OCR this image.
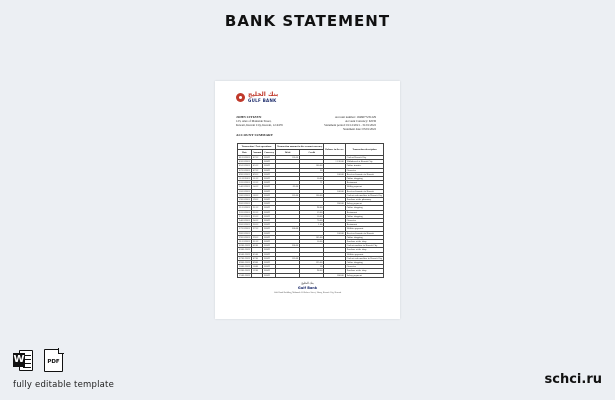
BANK STATEMENT
بنك الخليج
GULF BANK
JOHN CITIZEN
123, Alex of Mainside Street,
Kuwait, Kuwait City, Kuwait, 12-9476
Account number: 1946677231229
Account Currency: KWD
Statement period: 01/12/2021 - 31/01/2022
Statement date: 03/01/2022
ACCOUNT SUMMARY
Transaction / Post operations			Transaction amount in the account currency		Balance in the acc	Transaction description
Date	Amount	Currency	Debit	Credit		
01/12/2021	07/12	KWD	116.00			Cash at Kuwait City
03/12/2021		KWD			1 120.00	Withdrawal at Kuwait City
05/12/2021	05/12	KWD		100.00		Online transfer
07/12/2021	07/12	KWD		20		Groceries
09/12/2021	09/12	KWD			100.00	Received transfer in Kuwait
11/12/2021	11/12	KWD		10.00		Online shopping
12/12/2021	12/12	KWD		71		Restaurant
14/12/2021	14/12	KWD	65.00			Utility payment
16/12/2021		KWD			100.00	Received transfer in Kuwait
18/12/2021	18/12	KWD	115.00	160.00		Cash at cash machine in Kuwait City
19/12/2021	19/12	KWD				Purchase at the pharmacy
20/12/2021		KWD			200.00	Salary payment
21/12/2021	21/12	KWD		98.00		Online shopping
22/12/2021	22/12	KWD		13.00		Restaurant
23/12/2021	23/12	KWD		10.00		Online shopping
24/12/2021	24/12	KWD		70.00		Groceries
26/12/2021	26/12	KWD		1.00		Restaurant
27/12/2021	27/12	KWD	150.00			Utilities payment
28/12/2021		KWD			100.00	Received transfer in Kuwait
29/12/2021	29/12	KWD		105.00		Online shopping
31/12/2021	31/12	KWD		10.00		Purchase at the shop
02/01/2022	02/01	KWD	130.00			Cash at machine in Kuwait City
03/01/2022		KWD				Purchase at the shop
05/01/2022	05/01	KWD				Utilities payment
07/01/2022	07/01	KWD	115.00			Cash at cash machine in Kuwait City
09/01/2022	09/01	KWD		125.00		Online shopping
10/01/2022	10/01	KWD		10		Groceries
12/01/2022	12/01	KWD		98.00		Purchase at the shop
15/01/2022		KWD			200.00	Salary payment
بنك الخليج
Gulf Bank
Gulf Bank Building, Mubarak Al-Kabeer Street, Sharq, Kuwait City, Kuwait
W	PDF
fully editable template	schci.ru
